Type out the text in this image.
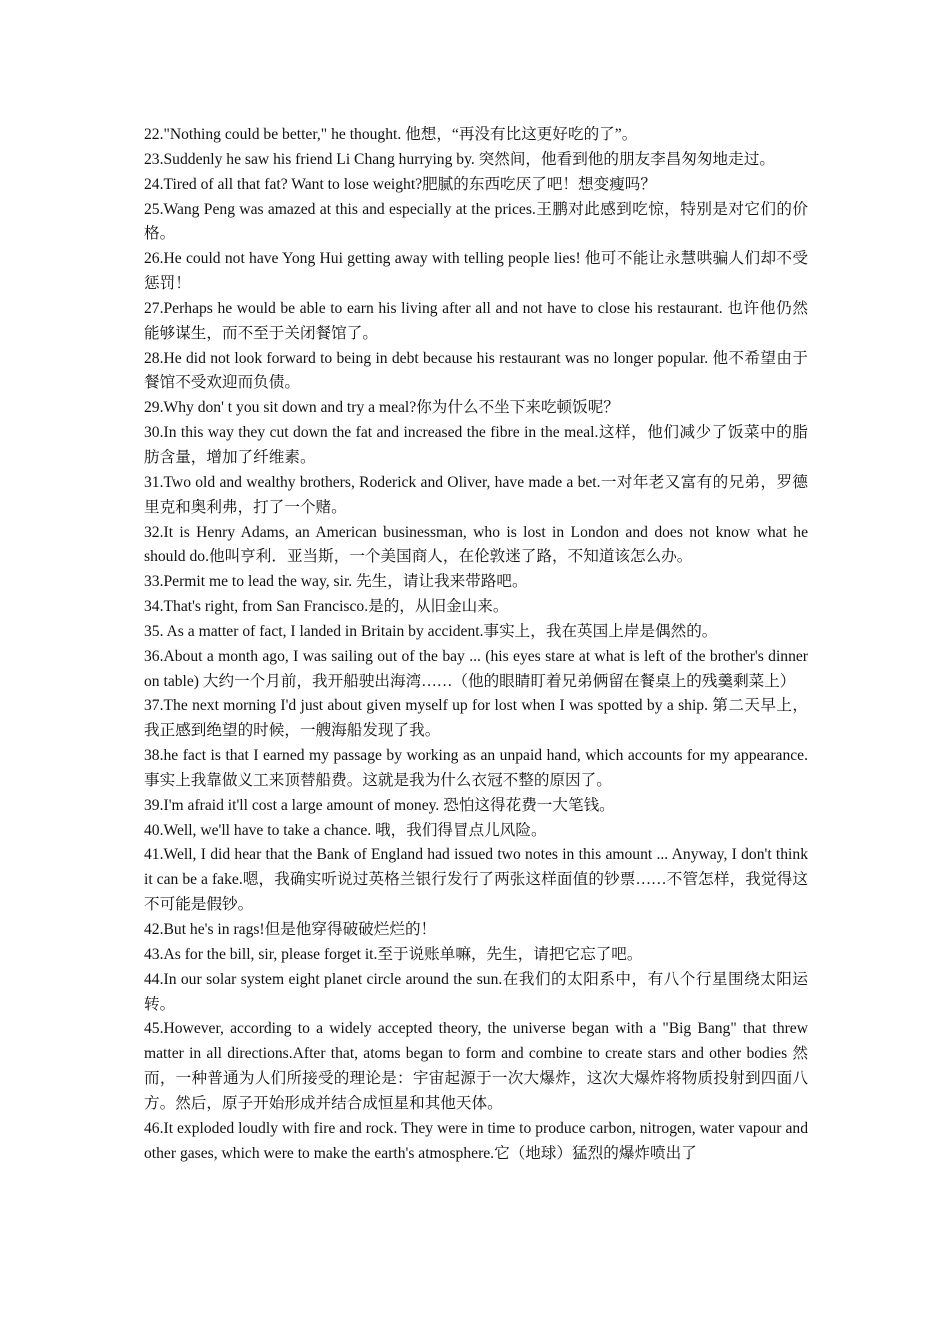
22."Nothing could be better," he thought. 他想，“再没有比这更好吃的了”。

23.Suddenly he saw his friend Li Chang hurrying by. 突然间，他看到他的朋友李昌匆匆地走过。

24.Tired of all that fat? Want to lose weight?肥腻的东西吃厌了吧！想变瘦吗？

25.Wang Peng was amazed at this and especially at the prices.王鹏对此感到吃惊，特别是对它们的价格。

26.He could not have Yong Hui getting away with telling people lies! 他可不能让永慧哄骗人们却不受惩罚！

27.Perhaps he would be able to earn his living after all and not have to close his restaurant. 也许他仍然能够谋生，而不至于关闭餐馆了。

28.He did not look forward to being in debt because his restaurant was no longer popular. 他不希望由于餐馆不受欢迎而负债。

29.Why don' t you sit down and try a meal?你为什么不坐下来吃顿饭呢？

30.In this way they cut down the fat and increased the fibre in the meal.这样，他们减少了饭菜中的脂肪含量，增加了纤维素。

31.Two old and wealthy brothers, Roderick and Oliver, have made a bet.一对年老又富有的兄弟，罗德里克和奥利弗，打了一个赌。

32.It is Henry Adams, an American businessman, who is lost in London and does not know what he should do.他叫亨利．亚当斯，一个美国商人，在伦敦迷了路，不知道该怎么办。

33.Permit me to lead the way, sir. 先生，请让我来带路吧。

34.That's right, from San Francisco.是的，从旧金山来。

35. As a matter of fact, I landed in Britain by accident.事实上，我在英国上岸是偶然的。

36.About a month ago, I was sailing out of the bay ... (his eyes stare at what is left of the brother's dinner on table) 大约一个月前，我开船驶出海湾……（他的眼睛盯着兄弟俩留在餐桌上的残羹剩菜上）

37.The next morning I'd just about given myself up for lost when I was spotted by a ship. 第二天早上，我正感到绝望的时候，一艘海船发现了我。

38.he fact is that I earned my passage by working as an unpaid hand, which accounts for my appearance. 事实上我靠做义工来顶替船费。这就是我为什么衣冠不整的原因了。

39.I'm afraid it'll cost a large amount of money. 恐怕这得花费一大笔钱。

40.Well, we'll have to take a chance. 哦，我们得冒点儿风险。

41.Well, I did hear that the Bank of England had issued two notes in this amount ... Anyway, I don't think it can be a fake.嗯，我确实听说过英格兰银行发行了两张这样面值的钞票……不管怎样，我觉得这不可能是假钞。

42.But he's in rags!但是他穿得破破烂烂的！

43.As for the bill, sir, please forget it.至于说账单嘛，先生，请把它忘了吧。

44.In our solar system eight planet circle around the sun.在我们的太阳系中，有八个行星围绕太阳运转。

45.However, according to a widely accepted theory, the universe began with a "Big Bang" that threw matter in all directions.After that, atoms began to form and combine to create stars and other bodies 然而，一种普通为人们所接受的理论是：宇宙起源于一次大爆炸，这次大爆炸将物质投射到四面八方。然后，原子开始形成并结合成恒星和其他天体。

46.It exploded loudly with fire and rock. They were in time to produce carbon, nitrogen, water vapour and other gases, which were to make the earth's atmosphere.它（地球）猛烈的爆炸喷出了
